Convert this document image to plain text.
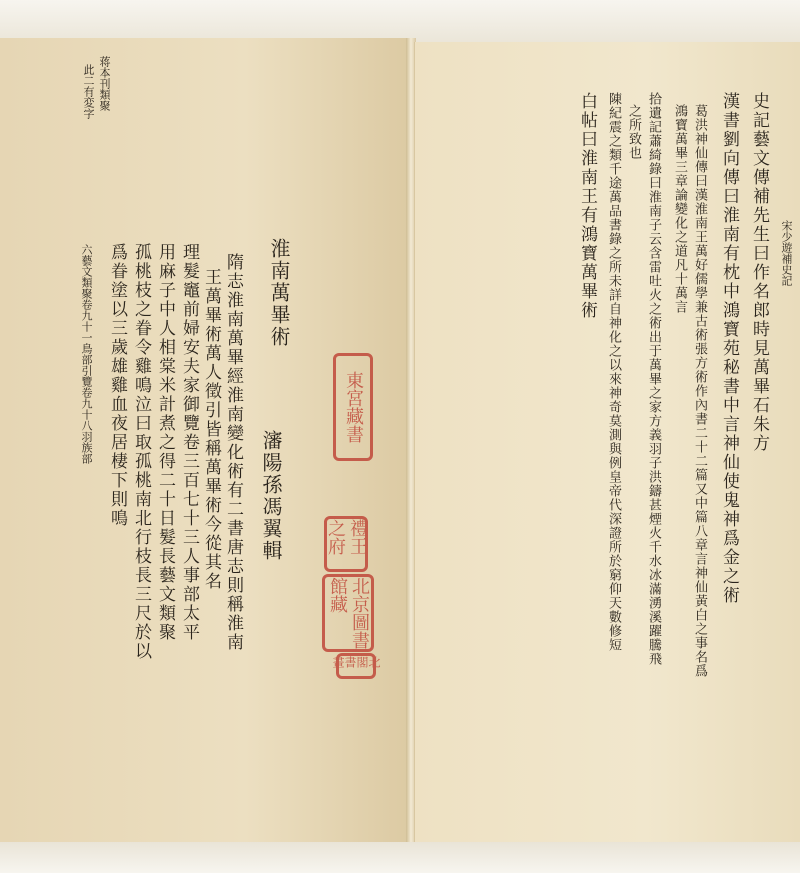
蒋本刊類聚
此二有変字
淮南萬畢術
瀋陽孫馮翼輯
隋志淮南萬畢經淮南變化術有二書唐志則稱淮南
王萬畢術萬人徵引皆稱萬畢術今從其名
理髮竈前婦安夫家御覽卷三百七十三人事部太平
用麻子中人相棠米計煮之得二十日髮長藝文類聚
孤桃枝之眷令雞鳴泣曰取孤桃南北行枝長三尺於以
爲眷塗以三歲雄雞血夜居棲下則鳴
六藝文類聚卷九十一鳥部引覽卷九十八羽族部	宋少遊補史記
史記藝文傳補先生曰作名郎時見萬畢石朱方
漢書劉向傳曰淮南有枕中鴻寶苑秘書中言神仙使鬼神爲金之術
葛洪神仙傳曰漢淮南王萬好儒學兼古術張方術作內書二十二篇又中篇八章言神仙黃白之事名爲
鴻寶萬畢三章論變化之道凡十萬言
拾遺記蕭綺錄曰淮南子云含雷吐火之術出于萬畢之家方義羽子洪鑄甚煙火千水冰滿湧溪躍騰飛
之所致也
陳紀震之類千途萬品書錄之所未詳自神化之以來神奇莫測與例皇帝代深證所於窮仰天數修短
白帖曰淮南王有鴻寶萬畢術
東宮藏書
禮王之府
北京圖書館藏
北閣書畫
